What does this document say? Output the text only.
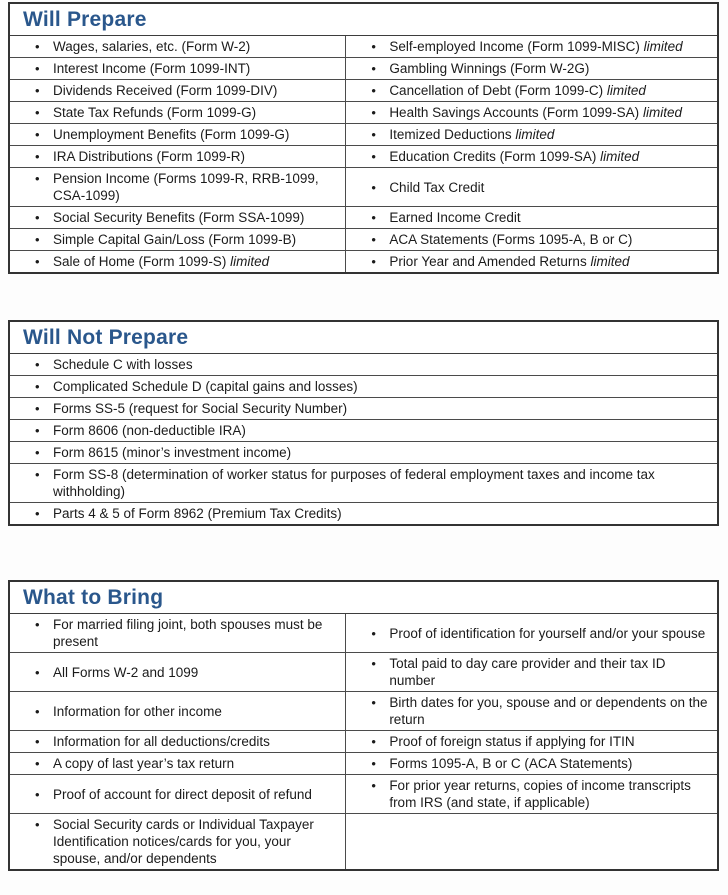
Will Prepare
• Wages, salaries, etc. (Form W-2)	• Self-employed Income (Form 1099-MISC) limited

• Interest Income (Form 1099-INT)	• Gambling Winnings (Form W-2G)

• Dividends Received (Form 1099-DIV)	• Cancellation of Debt (Form 1099-C) limited

• State Tax Refunds (Form 1099-G)	• Health Savings Accounts (Form 1099-SA) limited

• Unemployment Benefits (Form 1099-G)	• Itemized Deductions limited

• IRA Distributions (Form 1099-R)	• Education Credits (Form 1099-SA) limited

• Pension Income (Forms 1099-R, RRB-1099, CSA-1099)	• Child Tax Credit

• Social Security Benefits (Form SSA-1099)	• Earned Income Credit

• Simple Capital Gain/Loss (Form 1099-B)	• ACA Statements (Forms 1095-A, B or C)

• Sale of Home (Form 1099-S) limited	• Prior Year and Amended Returns limited
Will Not Prepare
• Schedule C with losses

• Complicated Schedule D (capital gains and losses)

• Forms SS-5 (request for Social Security Number)

• Form 8606 (non-deductible IRA)

• Form 8615 (minor’s investment income)

• Form SS-8 (determination of worker status for purposes of federal employment taxes and income tax withholding)

• Parts 4 & 5 of Form 8962 (Premium Tax Credits)
What to Bring
• For married filing joint, both spouses must be present	• Proof of identification for yourself and/or your spouse

• All Forms W-2 and 1099	• Total paid to day care provider and their tax ID number

• Information for other income	• Birth dates for you, spouse and or dependents on the return

• Information for all deductions/credits	• Proof of foreign status if applying for ITIN

• A copy of last year’s tax return	• Forms 1095-A, B or C (ACA Statements)

• Proof of account for direct deposit of refund	• For prior year returns, copies of income transcripts from IRS (and state, if applicable)

• Social Security cards or Individual Taxpayer Identification notices/cards for you, your spouse, and/or dependents	
